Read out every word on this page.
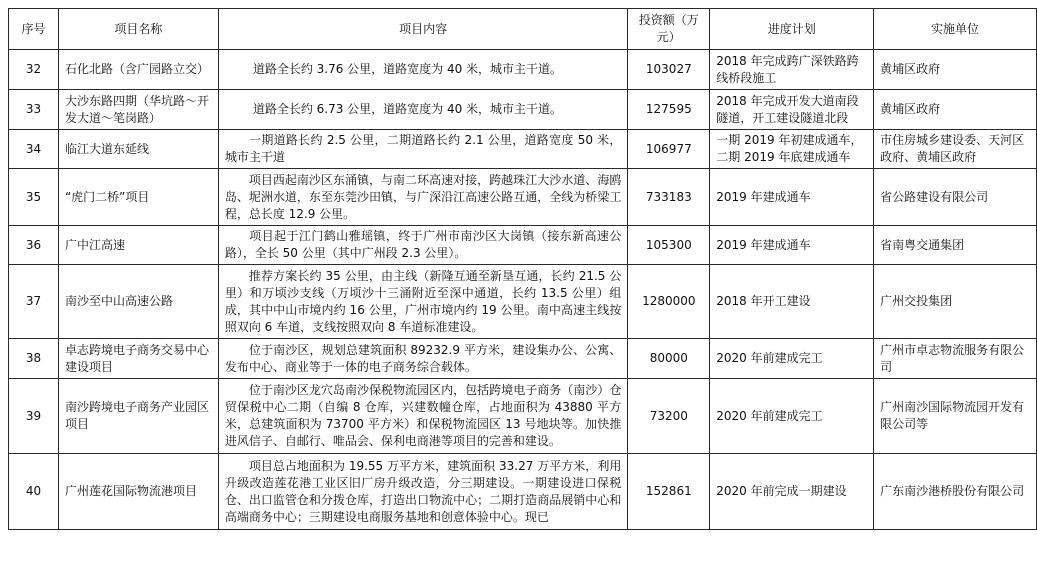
序号	项目名称	项目内容	投资额（万元）	进度计划	实施单位
32	石化北路（含广园路立交）	道路全长约 3.76 公里，道路宽度为 40 米，城市主干道。	103027	2018 年完成跨广深铁路跨线桥段施工	黄埔区政府
33	大沙东路四期（华坑路～开发大道～笔岗路）	道路全长约 6.73 公里，道路宽度为 40 米，城市主干道。	127595	2018 年完成开发大道南段隧道，开工建设隧道北段	黄埔区政府
34	临江大道东延线	一期道路长约 2.5 公里，二期道路长约 2.1 公里，道路宽度 50 米，城市主干道	106977	一期 2019 年初建成通车，二期 2019 年底建成通车	市住房城乡建设委、天河区政府、黄埔区政府
35	“虎门二桥”项目	项目西起南沙区东涌镇，与南二环高速对接，跨越珠江大沙水道、海鸥岛、坭洲水道，东至东莞沙田镇，与广深沿江高速公路互通，全线为桥梁工程，总长度 12.9 公里。	733183	2019 年建成通车	省公路建设有限公司
36	广中江高速	项目起于江门鹤山雅瑶镇，终于广州市南沙区大岗镇（接东新高速公路），全长 50 公里（其中广州段 2.3 公里）。	105300	2019 年建成通车	省南粤交通集团
37	南沙至中山高速公路	推荐方案长约 35 公里，由主线（新隆互通至新垦互通，长约 21.5 公里）和万顷沙支线（万顷沙十三涌附近至深中通道，长约 13.5 公里）组成，其中中山市境内约 16 公里，广州市境内约 19 公里。南中高速主线按照双向 6 车道，支线按照双向 8 车道标准建设。	1280000	2018 年开工建设	广州交投集团
38	卓志跨境电子商务交易中心建设项目	位于南沙区，规划总建筑面积 89232.9 平方米，建设集办公、公寓、发布中心、商业等于一体的电子商务综合载体。	80000	2020 年前建成完工	广州市卓志物流服务有限公司
39	南沙跨境电子商务产业园区项目	位于南沙区龙穴岛南沙保税物流园区内，包括跨境电子商务（南沙）仓贸保税中心二期（自编 8 仓库，兴建数幢仓库，占地面积为 43880 平方米，总建筑面积为 73700 平方米）和保税物流园区 13 号地块等。加快推进风信子、自邮行、唯品会、保利电商港等项目的完善和建设。	73200	2020 年前建成完工	广州南沙国际物流园开发有限公司等
40	广州莲花国际物流港项目	项目总占地面积为 19.55 万平方米，建筑面积 33.27 万平方米，利用升级改造莲花港工业区旧厂房升级改造，分三期建设。一期建设进口保税仓、出口监管仓和分拨仓库，打造出口物流中心；二期打造商品展销中心和高端商务中心；三期建设电商服务基地和创意体验中心。现已	152861	2020 年前完成一期建设	广东南沙港桥股份有限公司
